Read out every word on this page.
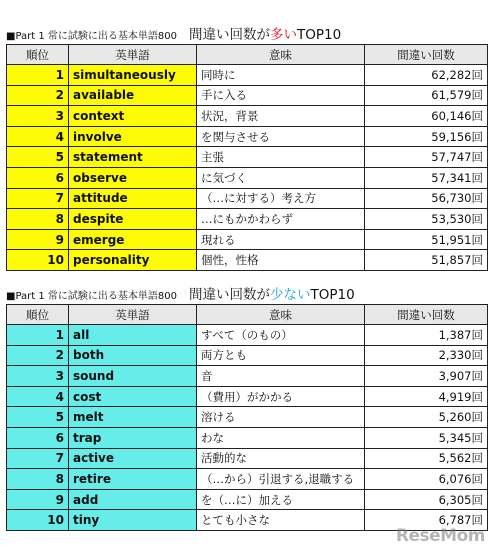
■Part 1 常に試験に出る基本単語800 間違い回数が多いTOP10
順位	英単語	意味	間違い回数
1	simultaneously	同時に	62,282回
2	available	手に入る	61,579回
3	context	状況，背景	60,146回
4	involve	を関与させる	59,156回
5	statement	主張	57,747回
6	observe	に気づく	57,341回
7	attitude	（…に対する）考え方	56,730回
8	despite	…にもかかわらず	53,530回
9	emerge	現れる	51,951回
10	personality	個性，性格	51,857回
■Part 1 常に試験に出る基本単語800 間違い回数が少ないTOP10
順位	英単語	意味	間違い回数
1	all	すべて（のもの）	1,387回
2	both	両方とも	2,330回
3	sound	音	3,907回
4	cost	（費用）がかかる	4,919回
5	melt	溶ける	5,260回
6	trap	わな	5,345回
7	active	活動的な	5,562回
8	retire	（…から）引退する,退職する	6,076回
9	add	を（…に）加える	6,305回
10	tiny	とても小さな	6,787回
ReseMom
